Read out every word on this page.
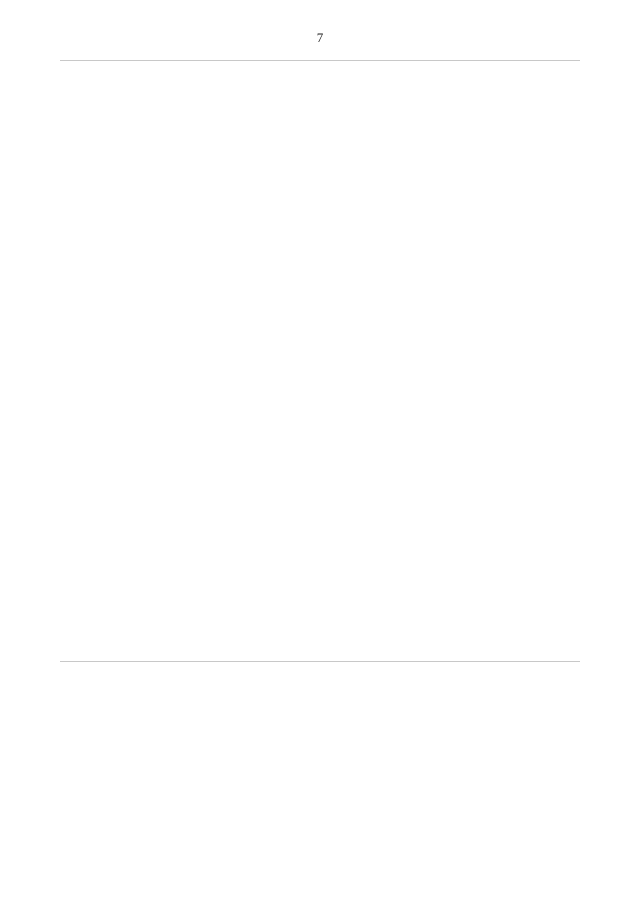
7
